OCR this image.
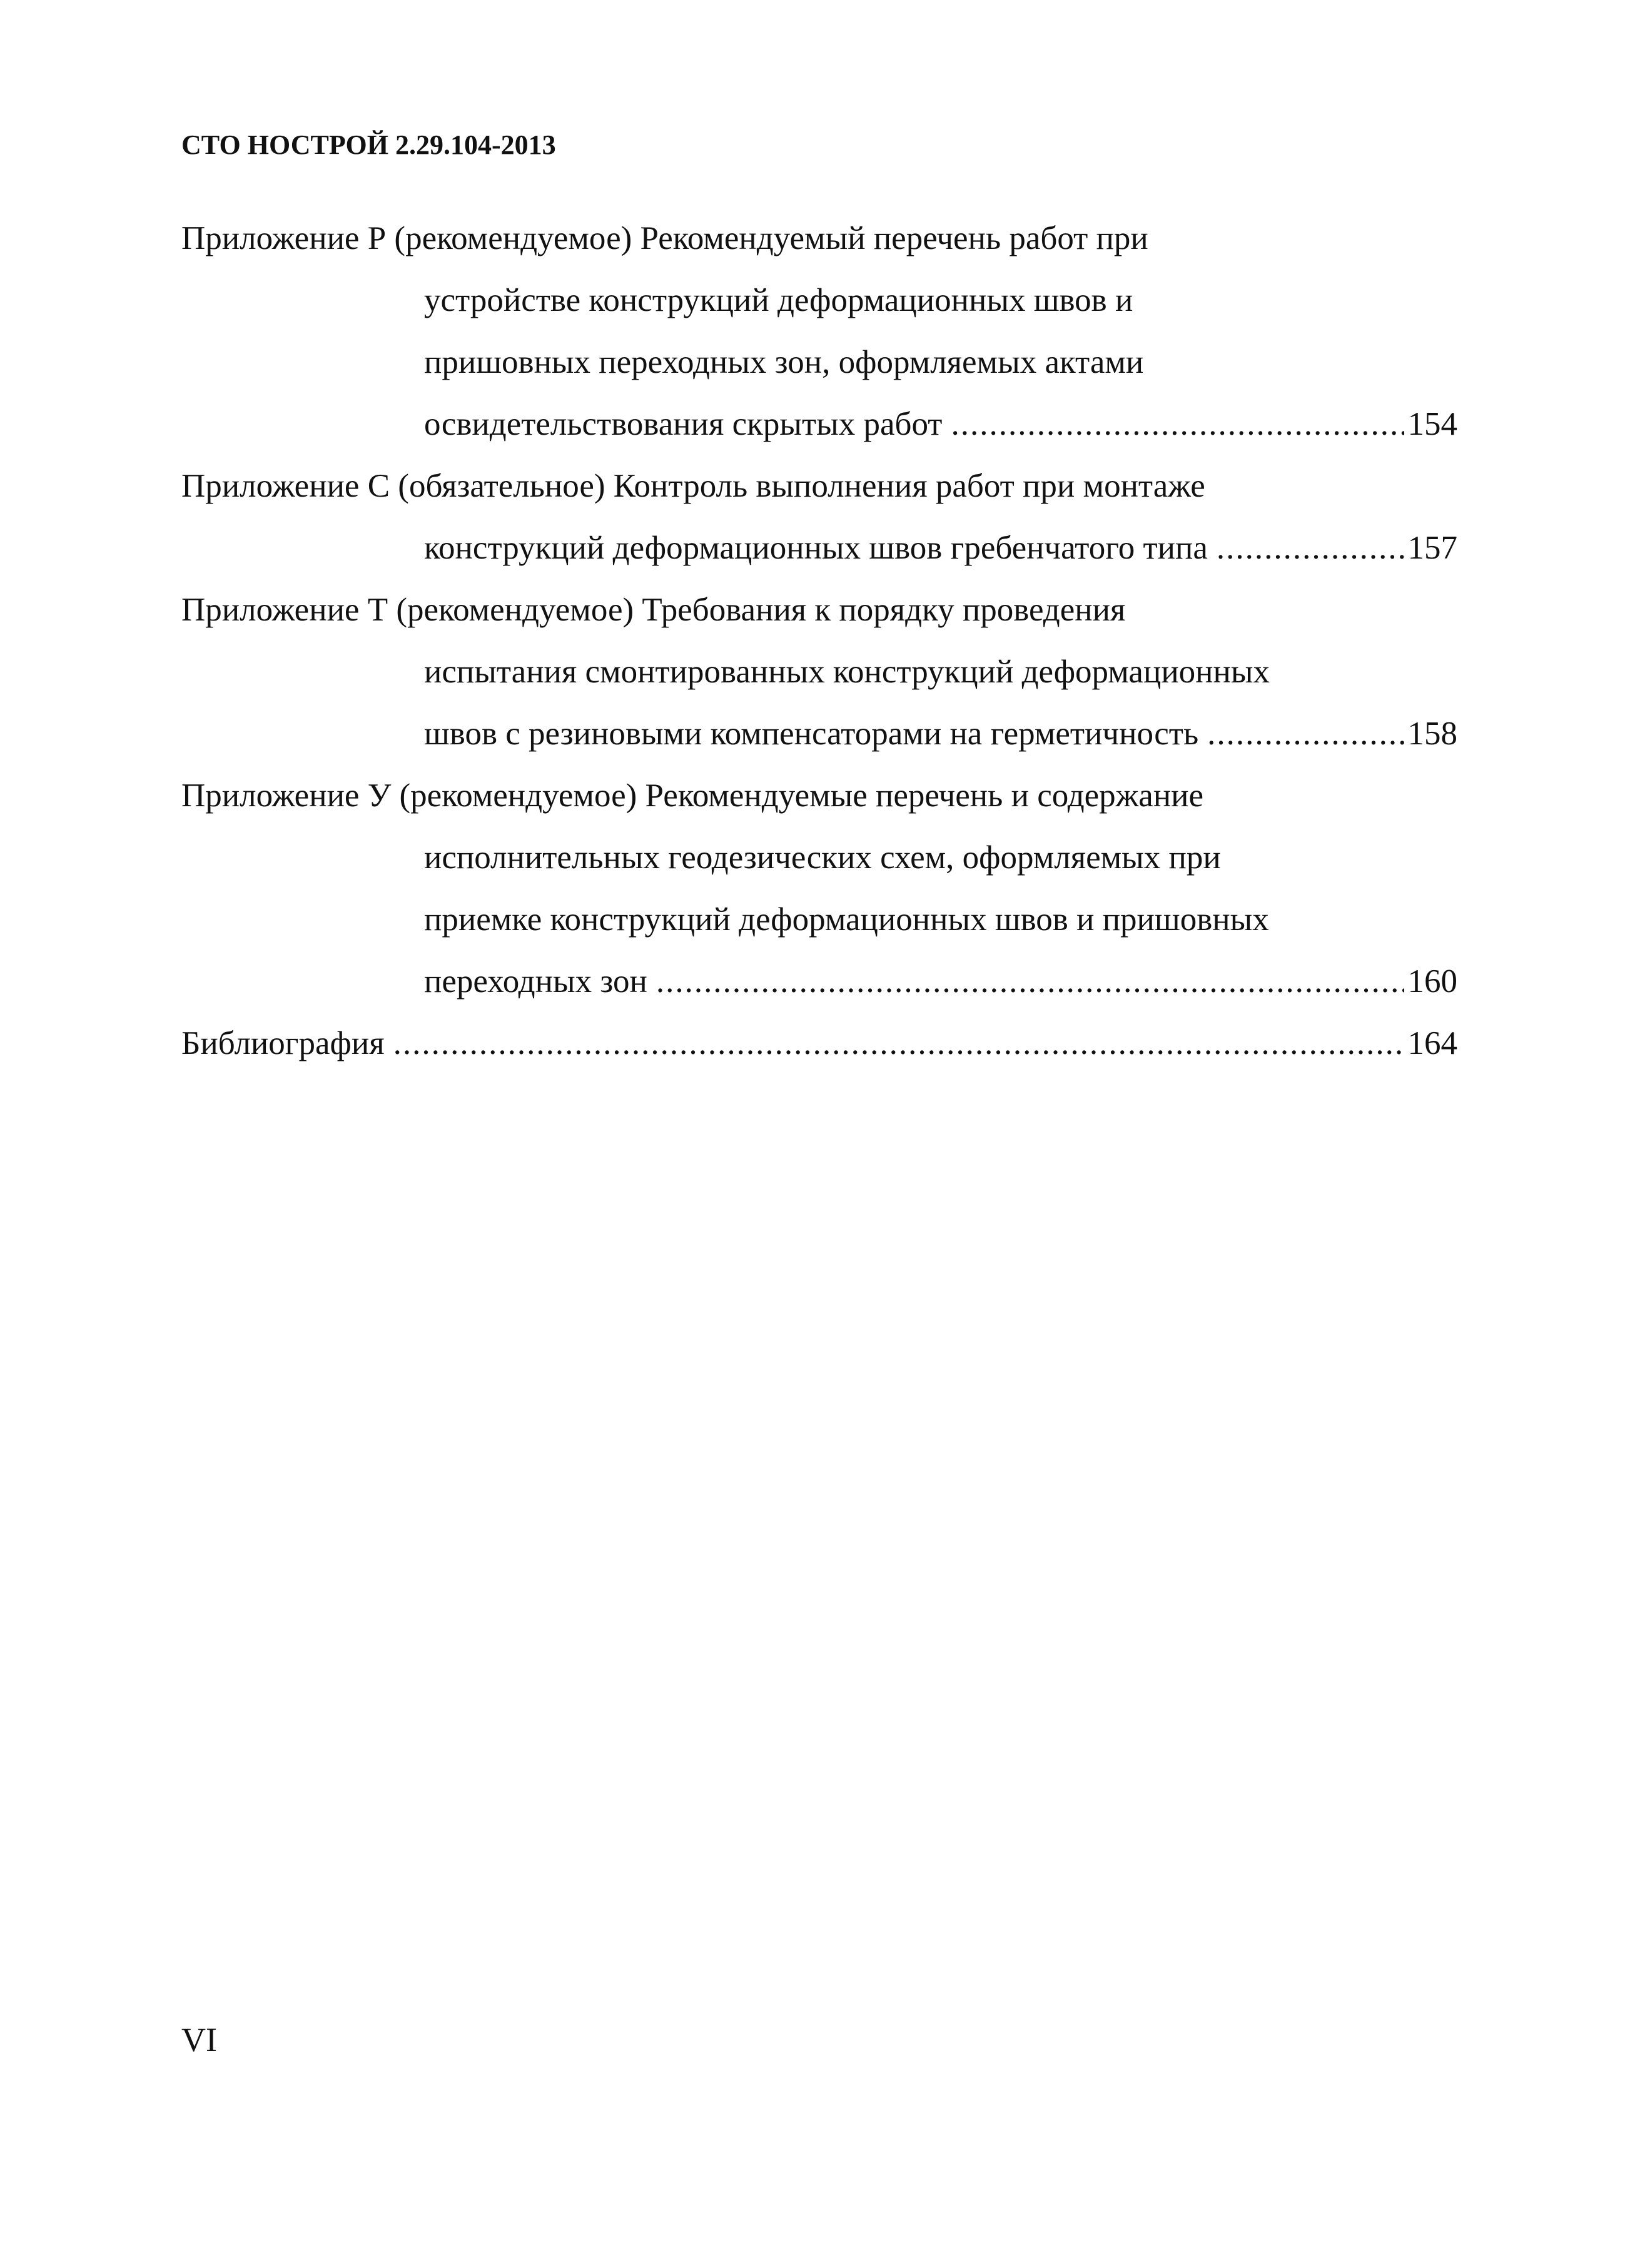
СТО НОСТРОЙ 2.29.104-2013
Приложение Р (рекомендуемое) Рекомендуемый перечень работ при
устройстве конструкций деформационных швов и
пришовных переходных зон, оформляемых актами
освидетельствования скрытых работ .....	154
Приложение С (обязательное) Контроль выполнения работ при монтаже
конструкций деформационных швов гребенчатого типа .....	157
Приложение Т (рекомендуемое) Требования к порядку проведения
испытания смонтированных конструкций деформационных
швов с резиновыми компенсаторами на герметичность .....	158
Приложение У (рекомендуемое) Рекомендуемые перечень и содержание
исполнительных геодезических схем, оформляемых при
приемке конструкций деформационных швов и пришовных
переходных зон .....	160
Библиография .....	164
VI
